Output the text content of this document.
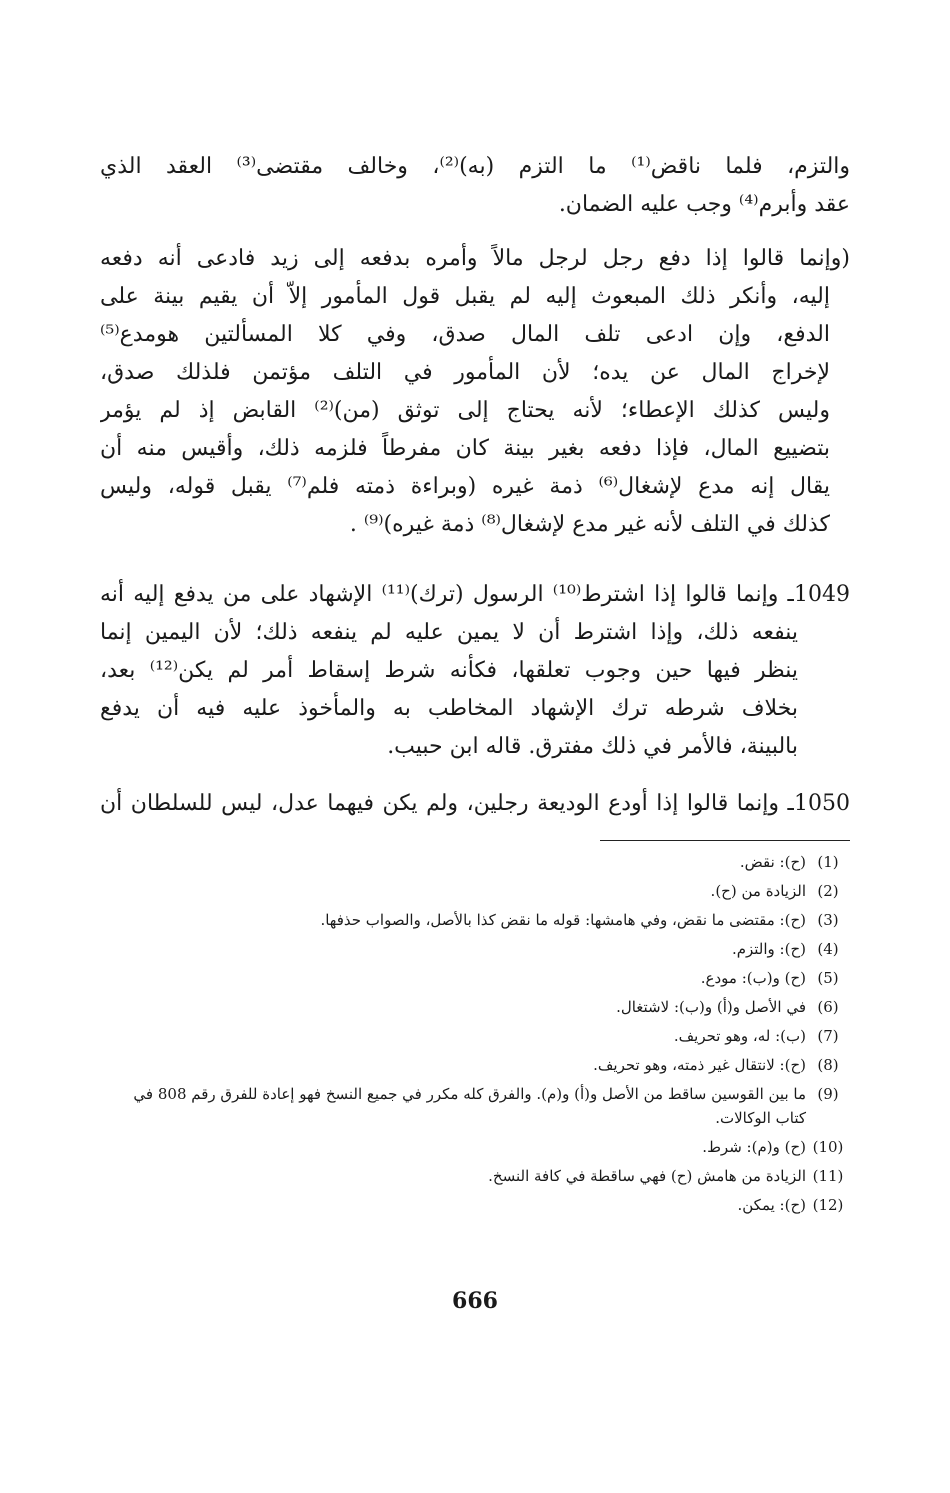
والتزم، فلما ناقض⁽¹⁾ ما التزم (به)⁽²⁾، وخالف مقتضى⁽³⁾ العقد الذي
عقد وأبرم⁽⁴⁾ وجب عليه الضمان.
(وإنما قالوا إذا دفع رجل لرجل مالاً وأمره بدفعه إلى زيد فادعى أنه دفعه
إليه، وأنكر ذلك المبعوث إليه لم يقبل قول المأمور إلاّ أن يقيم بينة على
الدفع، وإن ادعى تلف المال صدق، وفي كلا المسألتين هومدع⁽⁵⁾
لإخراج المال عن يده؛ لأن المأمور في التلف مؤتمن فلذلك صدق،
وليس كذلك الإعطاء؛ لأنه يحتاج إلى توثق (من)⁽²⁾ القابض إذ لم يؤمر
بتضييع المال، فإذا دفعه بغير بينة كان مفرطاً فلزمه ذلك، وأقيس منه أن
يقال إنه مدع لإشغال⁽⁶⁾ ذمة غيره (وبراءة ذمته فلم⁽⁷⁾ يقبل قوله، وليس
كذلك في التلف لأنه غير مدع لإشغال⁽⁸⁾ ذمة غيره)⁽⁹⁾ .
1049
ـ وإنما قالوا إذا اشترط⁽¹⁰⁾ الرسول (ترك)⁽¹¹⁾ الإشهاد على من يدفع إليه أنه
ينفعه ذلك، وإذا اشترط أن لا يمين عليه لم ينفعه ذلك؛ لأن اليمين إنما
ينظر فيها حين وجوب تعلقها، فكأنه شرط إسقاط أمر لم يكن⁽¹²⁾ بعد،
بخلاف شرطه ترك الإشهاد المخاطب به والمأخوذ عليه فيه أن يدفع
بالبينة، فالأمر في ذلك مفترق. قاله ابن حبيب.
1050
ـ وإنما قالوا إذا أودع الوديعة رجلين، ولم يكن فيهما عدل، ليس للسلطان أن
(1)
(ح): نقض.
(2)
الزيادة من (ح).
(3)
(ح): مقتضى ما نقض، وفي هامشها: قوله ما نقض كذا بالأصل، والصواب حذفها.
(4)
(ح): والتزم.
(5)
(ح) و(ب): مودع.
(6)
في الأصل و(أ) و(ب): لاشتغال.
(7)
(ب): له، وهو تحريف.
(8)
(ح): لانتقال غير ذمته، وهو تحريف.
(9)
ما بين القوسين ساقط من الأصل و(أ) و(م). والفرق كله مكرر في جميع النسخ فهو إعادة للفرق رقم 808 في كتاب الوكالات.
(10)
(ح) و(م): شرط.
(11)
الزيادة من هامش (ح) فهي ساقطة في كافة النسخ.
(12)
(ح): يمكن.
666
